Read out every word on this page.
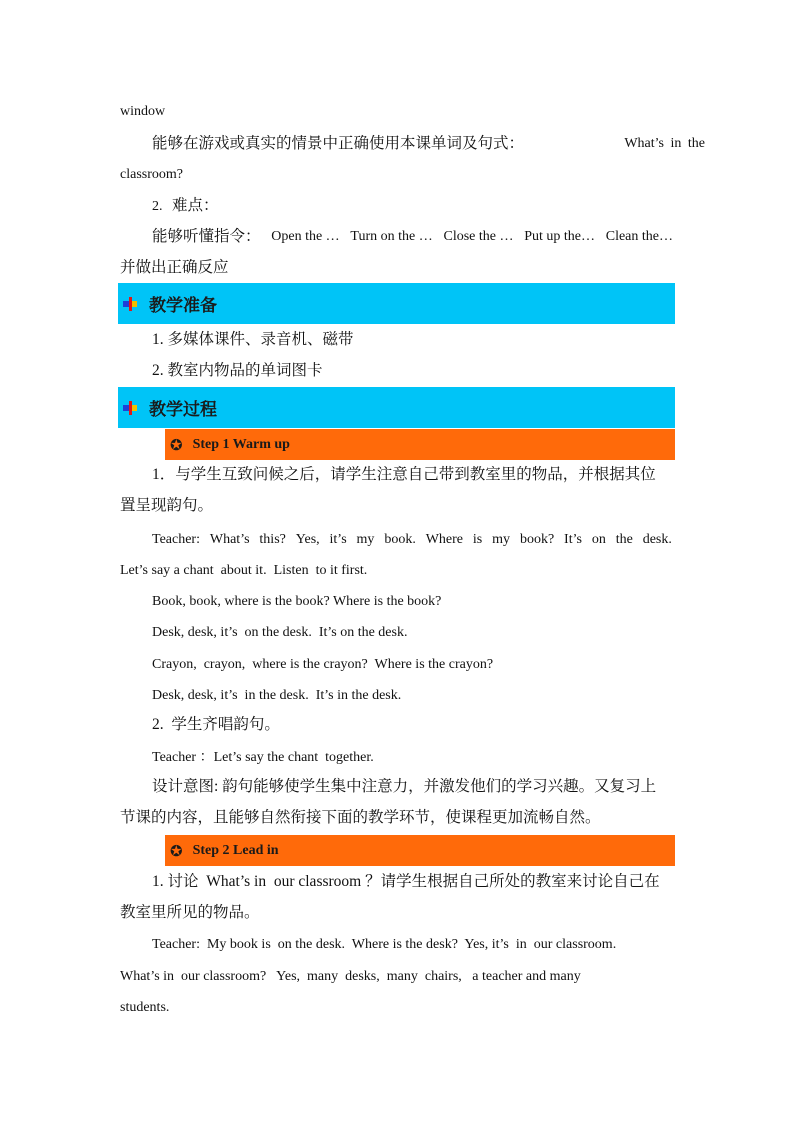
window
能够在游戏或真实的情景中正确使用本课单词及句式：	What’s in the
classroom?
2. 难点：
能够听懂指令： Open the … Turn on the … Close the … Put up the… Clean the…
并做出正确反应
教学准备
1. 多媒体课件、录音机、磁带
2. 教室内物品的单词图卡
教学过程
✪ Step 1 Warm up
1．与学生互致问候之后，请学生注意自己带到教室里的物品，并根据其位
置呈现韵句。
Teacher: What’s this? Yes, it’s my book. Where is my book? It’s on the desk.
Let’s say a chant  about it.  Listen  to it first.
Book, book, where is the book? Where is the book?
Desk, desk, it’s  on the desk.  It’s on the desk.
Crayon,  crayon,  where is the crayon?  Where is the crayon?
Desk, desk, it’s  in the desk.  It’s in the desk.
2.  学生齐唱韵句。
Teacher ：Let’s say the chant  together.
设计意图: 韵句能够使学生集中注意力，并激发他们的学习兴趣。又复习上
节课的内容，且能够自然衔接下面的教学环节，使课程更加流畅自然。
✪ Step 2 Lead in
1. 讨论  What’s in  our classroom ？请学生根据自己所处的教室来讨论自己在
教室里所见的物品。
Teacher:  My book is  on the desk.  Where is the desk?  Yes, it’s  in  our classroom.
What’s in  our classroom?   Yes,  many  desks,  many  chairs,   a teacher and many
students.
